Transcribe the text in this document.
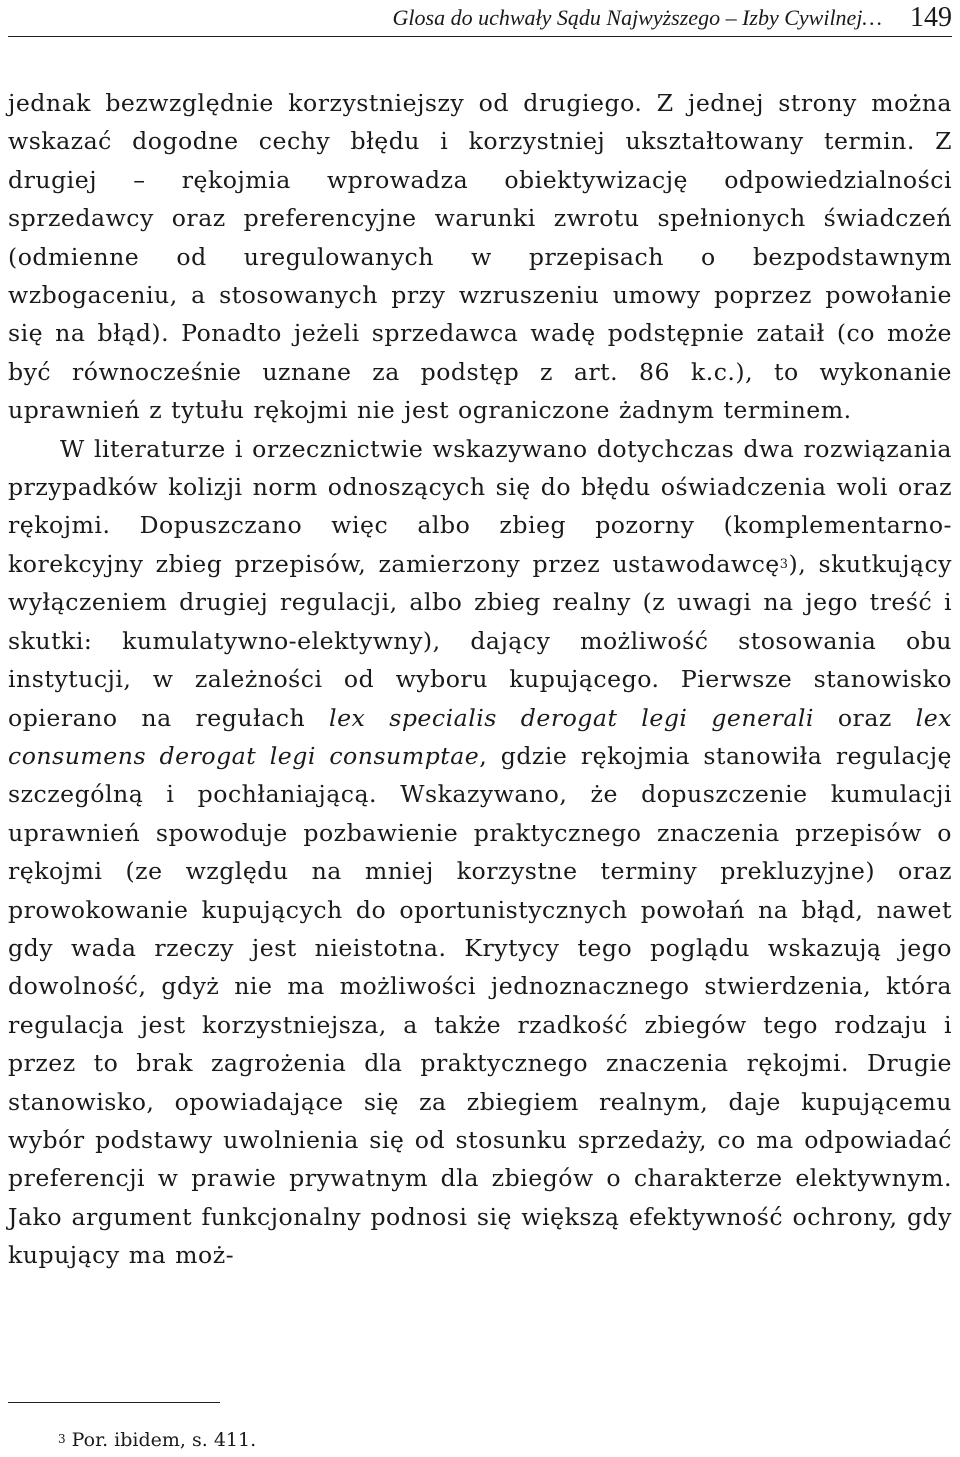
Glosa do uchwały Sądu Najwyższego – Izby Cywilnej… 149

jednak bezwzględnie korzystniejszy od drugiego. Z jednej strony można wskazać dogodne cechy błędu i korzystniej ukształtowany termin. Z drugiej – rękojmia wprowadza obiektywizację odpowiedzialności sprzedawcy oraz preferencyjne warunki zwrotu spełnionych świadczeń (odmienne od uregulowanych w przepisach o bezpodstawnym wzbogaceniu, a stosowanych przy wzruszeniu umowy poprzez powołanie się na błąd). Ponadto jeżeli sprzedawca wadę podstępnie zataił (co może być równocześnie uznane za podstęp z art. 86 k.c.), to wykonanie uprawnień z tytułu rękojmi nie jest ograniczone żadnym terminem.

W literaturze i orzecznictwie wskazywano dotychczas dwa rozwiązania przypadków kolizji norm odnoszących się do błędu oświadczenia woli oraz rękojmi. Dopuszczano więc albo zbieg pozorny (komplementarno-korekcyjny zbieg przepisów, zamierzony przez ustawodawcę$^3$), skutkujący wyłączeniem drugiej regulacji, albo zbieg realny (z uwagi na jego treść i skutki: kumulatywno-elektywny), dający możliwość stosowania obu instytucji, w zależności od wyboru kupującego. Pierwsze stanowisko opierano na regułach lex specialis derogat legi generali oraz lex consumens derogat legi consumptae, gdzie rękojmia stanowiła regulację szczególną i pochłaniającą. Wskazywano, że dopuszczenie kumulacji uprawnień spowoduje pozbawienie praktycznego znaczenia przepisów o rękojmi (ze względu na mniej korzystne terminy prekluzyjne) oraz prowokowanie kupujących do oportunistycznych powołań na błąd, nawet gdy wada rzeczy jest nieistotna. Krytycy tego poglądu wskazują jego dowolność, gdyż nie ma możliwości jednoznacznego stwierdzenia, która regulacja jest korzystniejsza, a także rzadkość zbiegów tego rodzaju i przez to brak zagrożenia dla praktycznego znaczenia rękojmi. Drugie stanowisko, opowiadające się za zbiegiem realnym, daje kupującemu wybór podstawy uwolnienia się od stosunku sprzedaży, co ma odpowiadać preferencji w prawie prywatnym dla zbiegów o charakterze elektywnym. Jako argument funkcjonalny podnosi się większą efektywność ochrony, gdy kupujący ma moż-

$^3$ Por. ibidem, s. 411.
